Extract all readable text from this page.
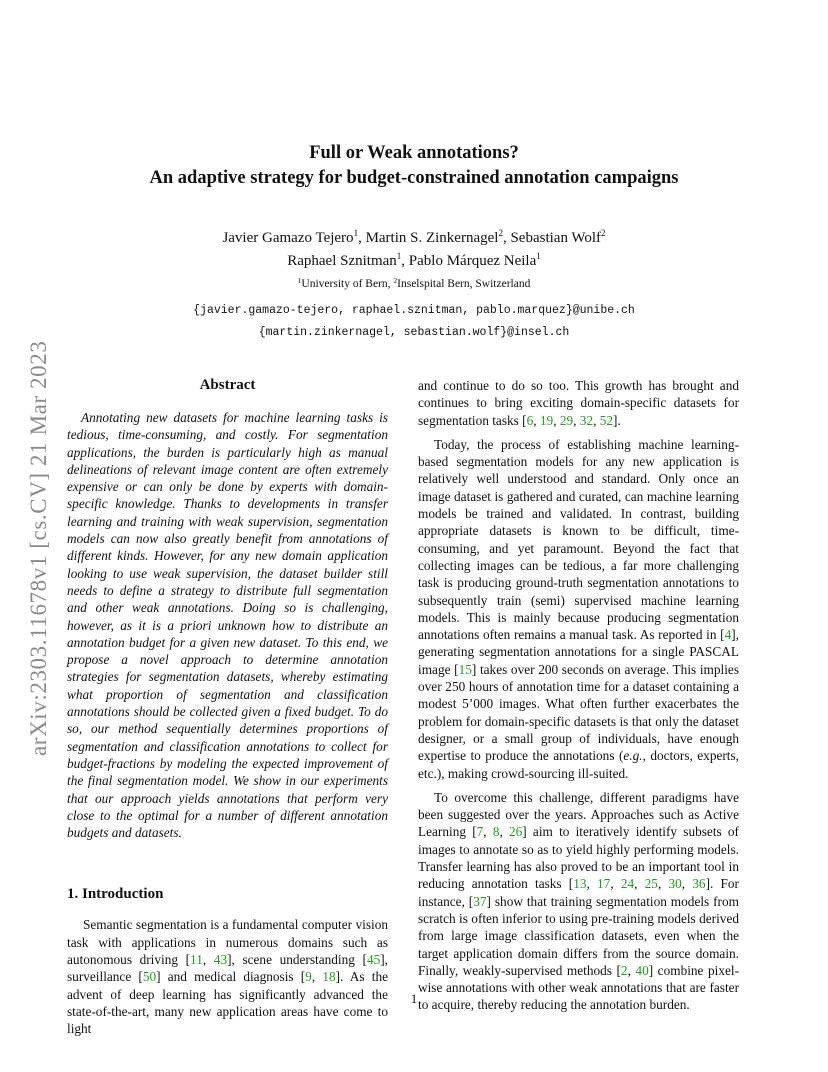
arXiv:2303.11678v1 [cs.CV] 21 Mar 2023
Full or Weak annotations?
An adaptive strategy for budget-constrained annotation campaigns
Javier Gamazo Tejero$^1$, Martin S. Zinkernagel$^2$, Sebastian Wolf$^2$
Raphael Sznitman$^1$, Pablo Márquez Neila$^1$
$^1$University of Bern, $^2$Inselspital Bern, Switzerland
{javier.gamazo-tejero, raphael.sznitman, pablo.marquez}@unibe.ch
{martin.zinkernagel, sebastian.wolf}@insel.ch
Abstract

Annotating new datasets for machine learning tasks is tedious, time-consuming, and costly. For segmentation applications, the burden is particularly high as manual delineations of relevant image content are often extremely expensive or can only be done by experts with domain-specific knowledge. Thanks to developments in transfer learning and training with weak supervision, segmentation models can now also greatly benefit from annotations of different kinds. However, for any new domain application looking to use weak supervision, the dataset builder still needs to define a strategy to distribute full segmentation and other weak annotations. Doing so is challenging, however, as it is a priori unknown how to distribute an annotation budget for a given new dataset. To this end, we propose a novel approach to determine annotation strategies for segmentation datasets, whereby estimating what proportion of segmentation and classification annotations should be collected given a fixed budget. To do so, our method sequentially determines proportions of segmentation and classification annotations to collect for budget-fractions by modeling the expected improvement of the final segmentation model. We show in our experiments that our approach yields annotations that perform very close to the optimal for a number of different annotation budgets and datasets.

1. Introduction

Semantic segmentation is a fundamental computer vision task with applications in numerous domains such as autonomous driving [11, 43], scene understanding [45], surveillance [50] and medical diagnosis [9, 18]. As the advent of deep learning has significantly advanced the state-of-the-art, many new application areas have come to light

and continue to do so too. This growth has brought and continues to bring exciting domain-specific datasets for segmentation tasks [6, 19, 29, 32, 52].

Today, the process of establishing machine learning-based segmentation models for any new application is relatively well understood and standard. Only once an image dataset is gathered and curated, can machine learning models be trained and validated. In contrast, building appropriate datasets is known to be difficult, time-consuming, and yet paramount. Beyond the fact that collecting images can be tedious, a far more challenging task is producing ground-truth segmentation annotations to subsequently train (semi) supervised machine learning models. This is mainly because producing segmentation annotations often remains a manual task. As reported in [4], generating segmentation annotations for a single PASCAL image [15] takes over 200 seconds on average. This implies over 250 hours of annotation time for a dataset containing a modest 5’000 images. What often further exacerbates the problem for domain-specific datasets is that only the dataset designer, or a small group of individuals, have enough expertise to produce the annotations (e.g., doctors, experts, etc.), making crowd-sourcing ill-suited.

To overcome this challenge, different paradigms have been suggested over the years. Approaches such as Active Learning [7, 8, 26] aim to iteratively identify subsets of images to annotate so as to yield highly performing models. Transfer learning has also proved to be an important tool in reducing annotation tasks [13, 17, 24, 25, 30, 36]. For instance, [37] show that training segmentation models from scratch is often inferior to using pre-training models derived from large image classification datasets, even when the target application domain differs from the source domain. Finally, weakly-supervised methods [2, 40] combine pixel-wise annotations with other weak annotations that are faster to acquire, thereby reducing the annotation burden.

1
